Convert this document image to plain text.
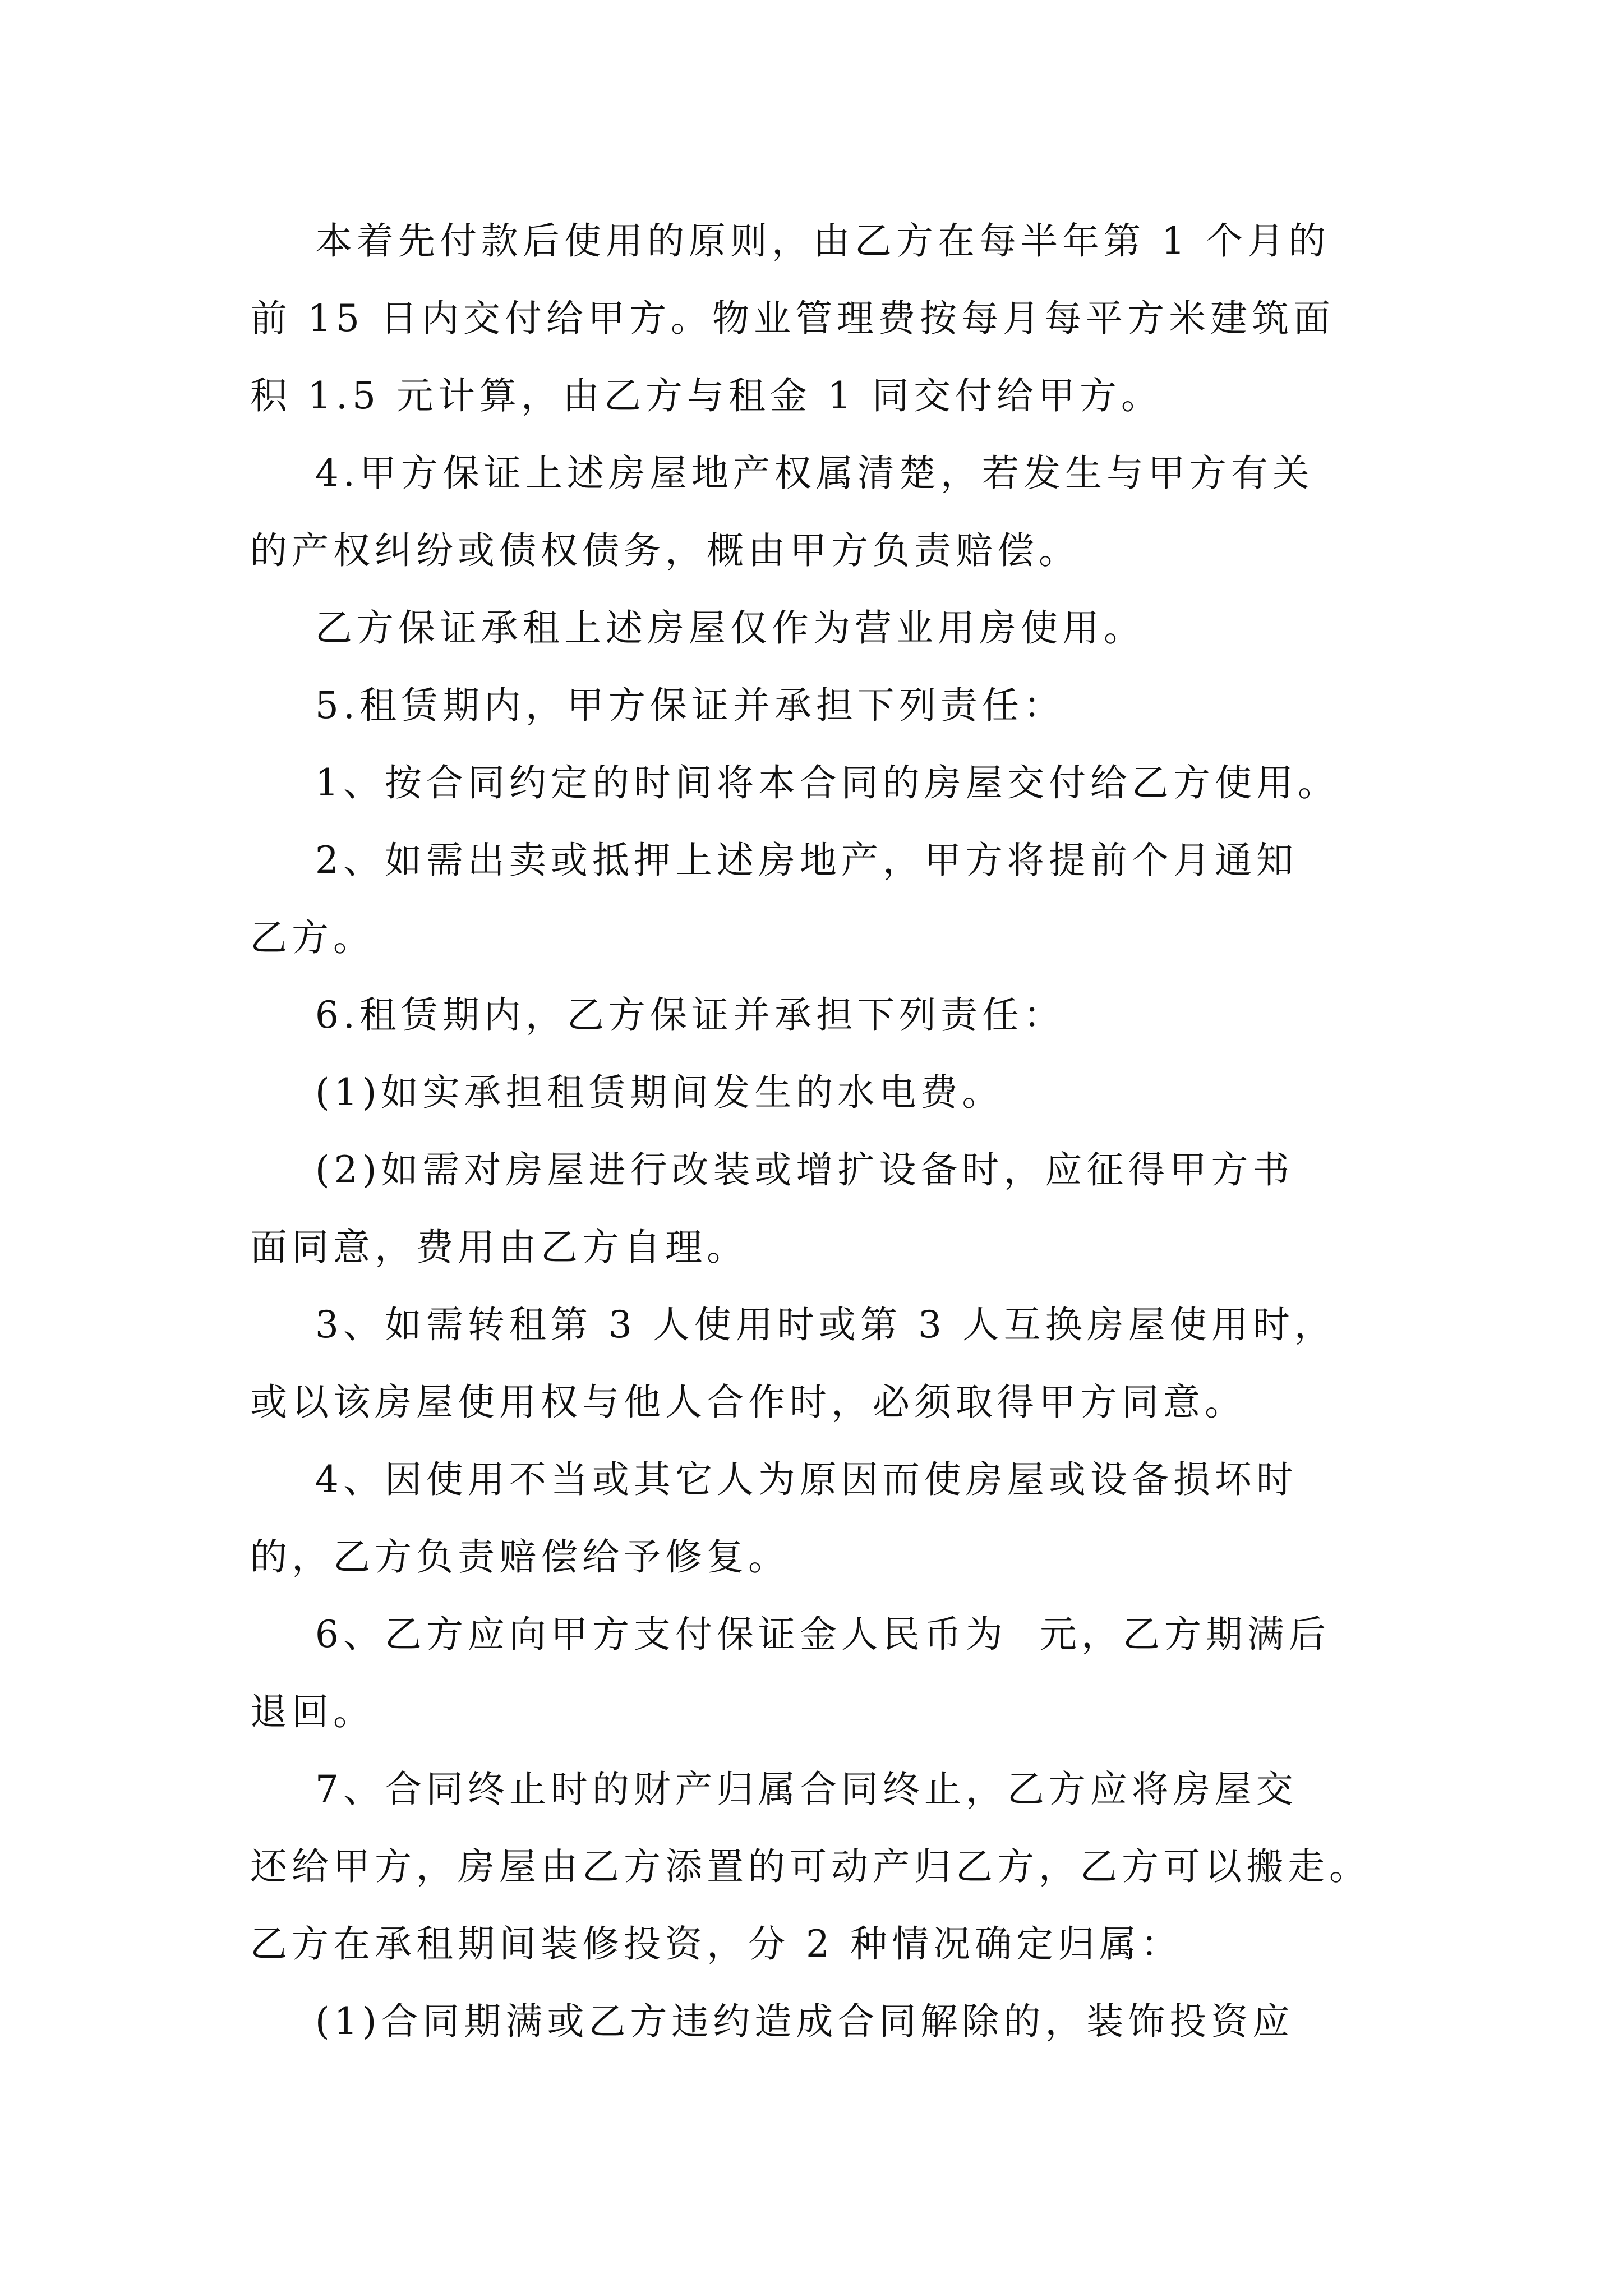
本着先付款后使用的原则，由乙方在每半年第 1 个月的
前 15 日内交付给甲方。物业管理费按每月每平方米建筑面
积 1.5 元计算，由乙方与租金 1 同交付给甲方。
4.甲方保证上述房屋地产权属清楚，若发生与甲方有关
的产权纠纷或债权债务，概由甲方负责赔偿。
乙方保证承租上述房屋仅作为营业用房使用。
5.租赁期内，甲方保证并承担下列责任：
1、按合同约定的时间将本合同的房屋交付给乙方使用。
2、如需出卖或抵押上述房地产，甲方将提前个月通知
乙方。
6.租赁期内，乙方保证并承担下列责任：
(1)如实承担租赁期间发生的水电费。
(2)如需对房屋进行改装或增扩设备时，应征得甲方书
面同意，费用由乙方自理。
3、如需转租第 3 人使用时或第 3 人互换房屋使用时，
或以该房屋使用权与他人合作时，必须取得甲方同意。
4、因使用不当或其它人为原因而使房屋或设备损坏时
的，乙方负责赔偿给予修复。
6、乙方应向甲方支付保证金人民币为  元，乙方期满后
退回。
7、合同终止时的财产归属合同终止，乙方应将房屋交
还给甲方，房屋由乙方添置的可动产归乙方，乙方可以搬走。
乙方在承租期间装修投资，分 2 种情况确定归属：
(1)合同期满或乙方违约造成合同解除的，装饰投资应
